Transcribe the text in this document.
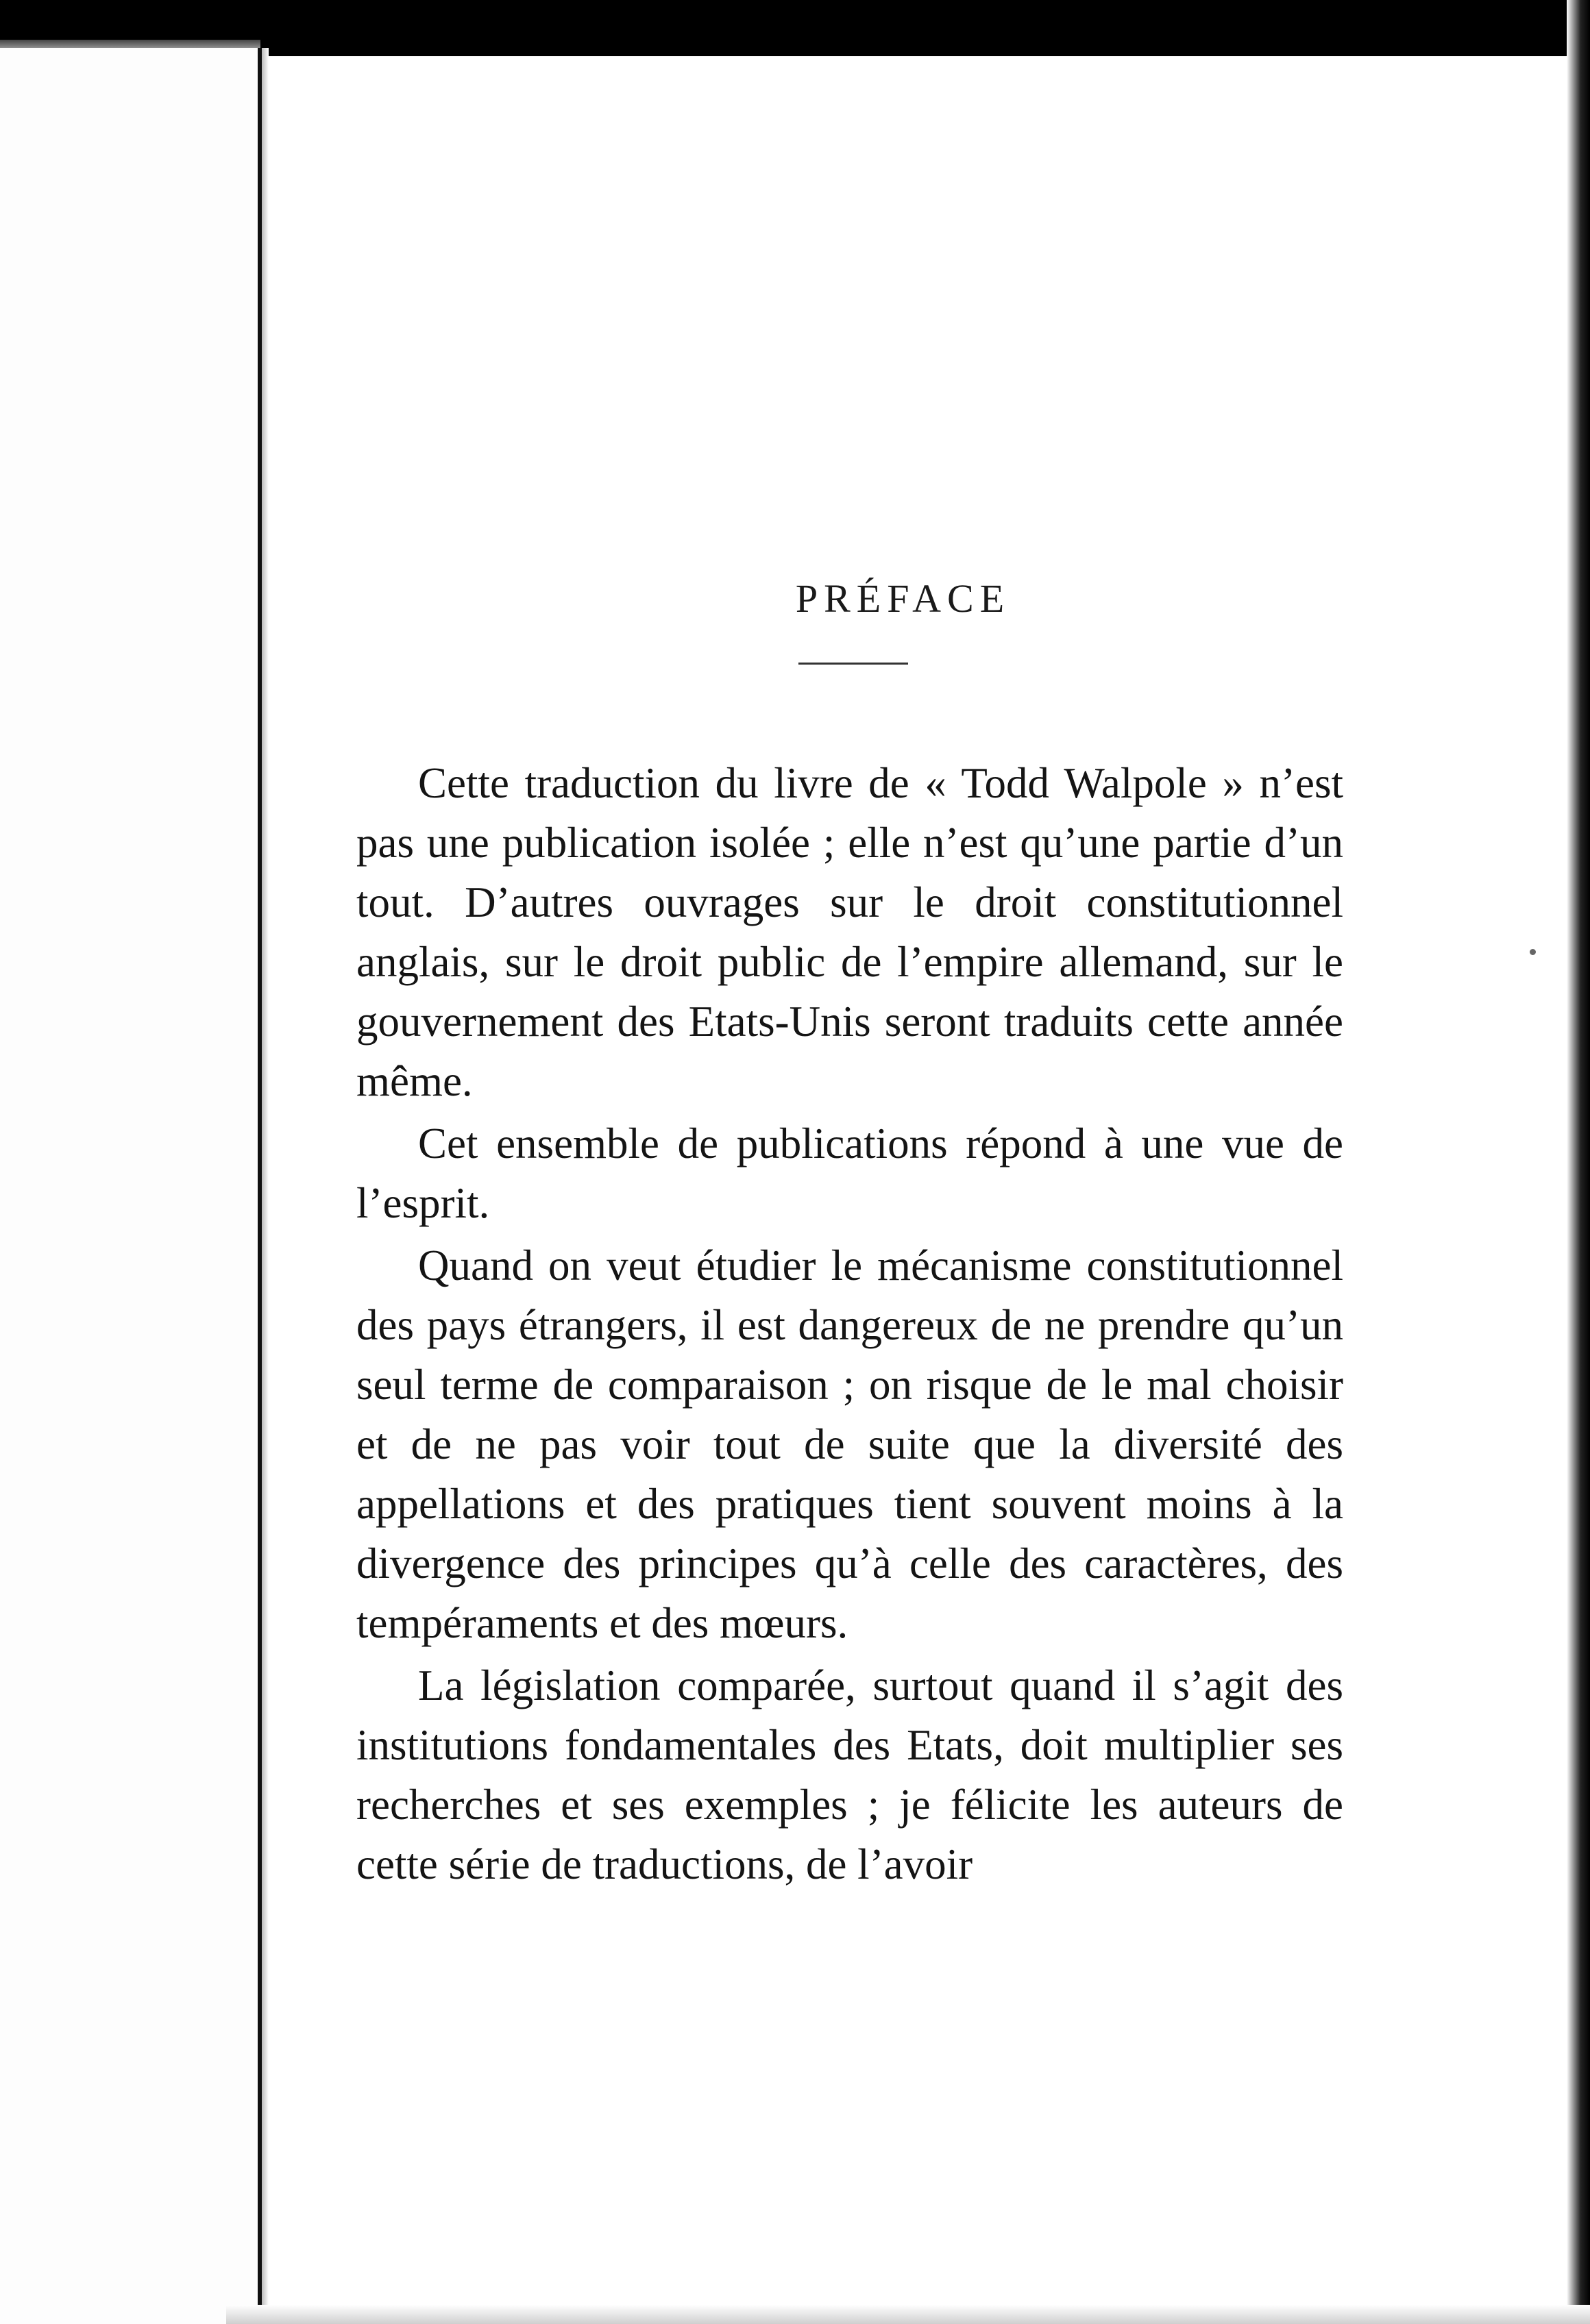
PRÉFACE

Cette traduction du livre de « Todd Walpole » n’est pas une publication isolée ; elle n’est qu’une partie d’un tout. D’autres ouvrages sur le droit constitutionnel anglais, sur le droit public de l’empire allemand, sur le gouvernement des Etats-Unis seront traduits cette année même.

Cet ensemble de publications répond à une vue de l’esprit.

Quand on veut étudier le mécanisme constitutionnel des pays étrangers, il est dangereux de ne prendre qu’un seul terme de comparaison ; on risque de le mal choisir et de ne pas voir tout de suite que la diversité des appellations et des pratiques tient souvent moins à la divergence des principes qu’à celle des caractères, des tempéraments et des mœurs.

La législation comparée, surtout quand il s’agit des institutions fondamentales des Etats, doit multiplier ses recherches et ses exemples ; je félicite les auteurs de cette série de traductions, de l’avoir
